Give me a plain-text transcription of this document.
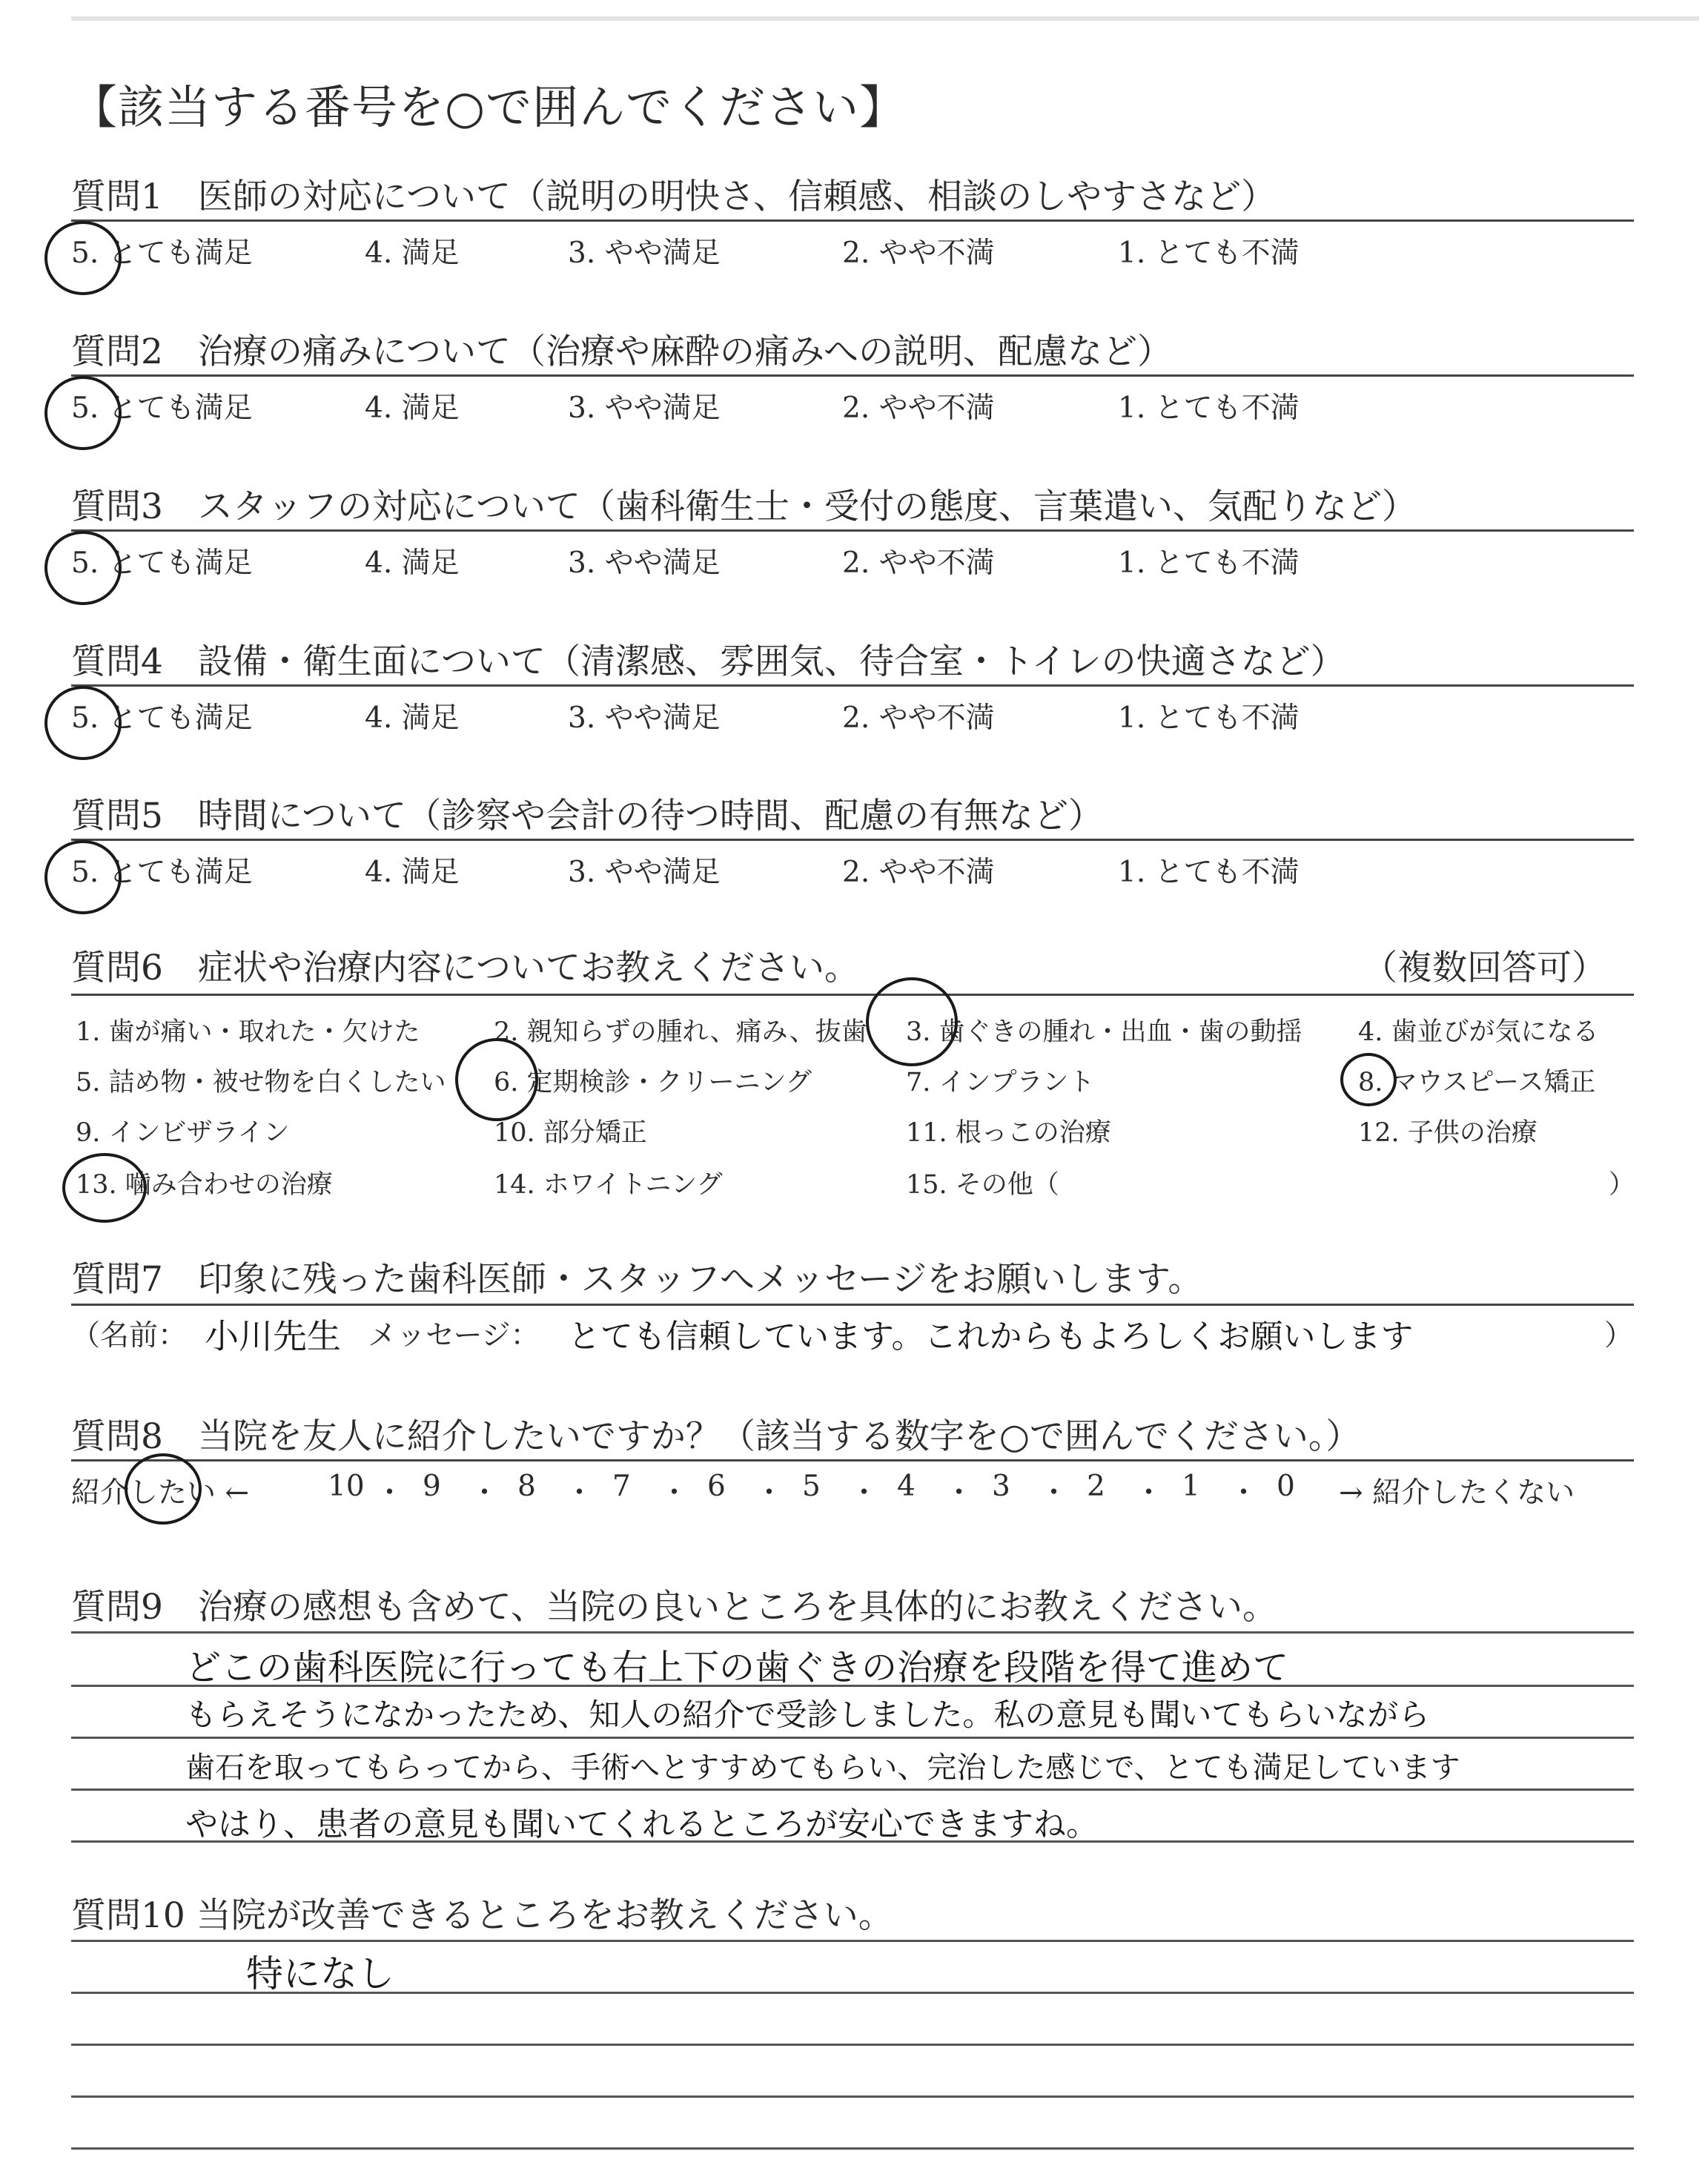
【該当する番号を○で囲んでください】
質問1　医師の対応について（説明の明快さ、信頼感、相談のしやすさなど）
5. とても満足	4. 満足	3. やや満足	2. やや不満	1. とても不満
質問2　治療の痛みについて（治療や麻酔の痛みへの説明、配慮など）
5. とても満足	4. 満足	3. やや満足	2. やや不満	1. とても不満
質問3　スタッフの対応について（歯科衛生士・受付の態度、言葉遣い、気配りなど）
5. とても満足	4. 満足	3. やや満足	2. やや不満	1. とても不満
質問4　設備・衛生面について（清潔感、雰囲気、待合室・トイレの快適さなど）
5. とても満足	4. 満足	3. やや満足	2. やや不満	1. とても不満
質問5　時間について（診察や会計の待つ時間、配慮の有無など）
5. とても満足	4. 満足	3. やや満足	2. やや不満	1. とても不満
質問6　症状や治療内容についてお教えください。	（複数回答可）
1. 歯が痛い・取れた・欠けた	2. 親知らずの腫れ、痛み、抜歯 3. 歯ぐきの腫れ・出血・歯の動揺 4. 歯並びが気になる
5. 詰め物・被せ物を白くしたい 6. 定期検診・クリーニング	7. インプラント	8. マウスピース矯正
9. インビザライン	10. 部分矯正	11. 根っこの治療	12. 子供の治療
13. 噛み合わせの治療	14. ホワイトニング	15. その他（	）
質問7　印象に残った歯科医師・スタッフへメッセージをお願いします。
（名前： 小川先生 メッセージ： とても信頼しています。これからもよろしくお願いします	）
質問8　当院を友人に紹介したいですか？（該当する数字を○で囲んでください。）
紹介したい ←	10 ・ 9 ・ 8 ・ 7 ・ 6 ・ 5 ・ 4 ・ 3 ・ 2 ・ 1 ・ 0 → 紹介したくない
質問9　治療の感想も含めて、当院の良いところを具体的にお教えください。
どこの歯科医院に行っても右上下の歯ぐきの治療を段階を得て進めて
もらえそうになかったため、知人の紹介で受診しました。私の意見も聞いてもらいながら
歯石を取ってもらってから、手術へとすすめてもらい、完治した感じで、とても満足しています
やはり、患者の意見も聞いてくれるところが安心できますね。
質問10 当院が改善できるところをお教えください。
特になし
